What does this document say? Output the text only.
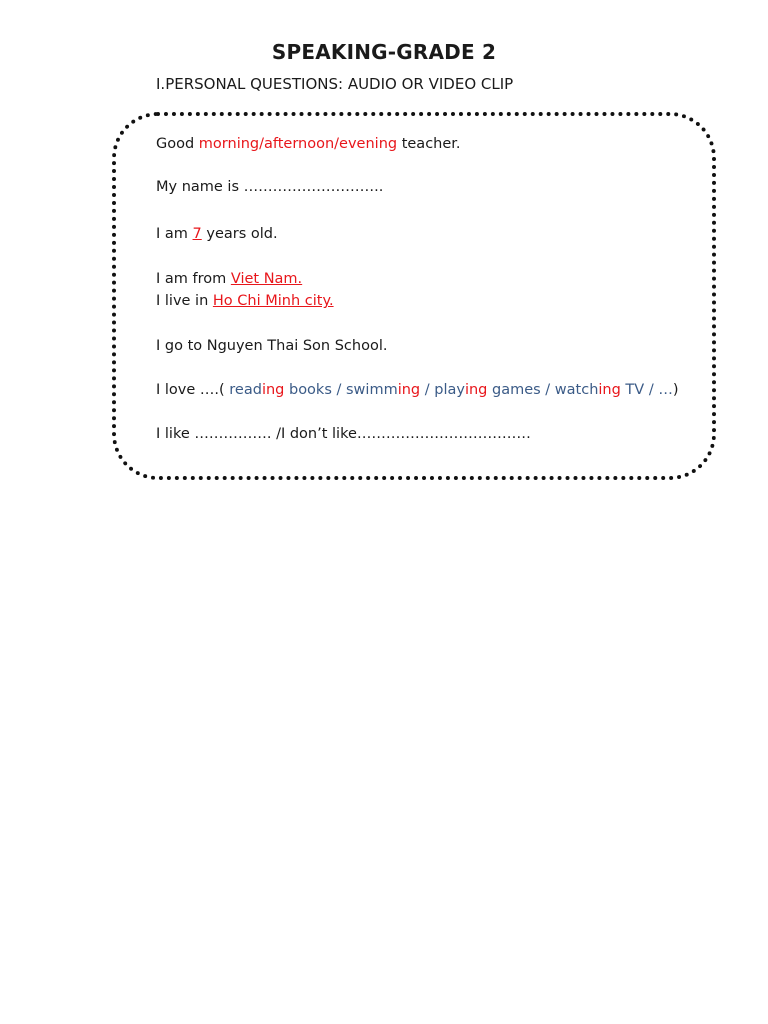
SPEAKING-GRADE 2
I.PERSONAL QUESTIONS: AUDIO OR VIDEO CLIP
Good morning/afternoon/evening teacher.
My name is ………………………..
I am 7 years old.
I am from Viet Nam.
I live in Ho Chi Minh city.
I go to Nguyen Thai Son School.
I love ….( reading books / swimming / playing games / watching TV / …)
I like ……………. /I don’t like………………………………
